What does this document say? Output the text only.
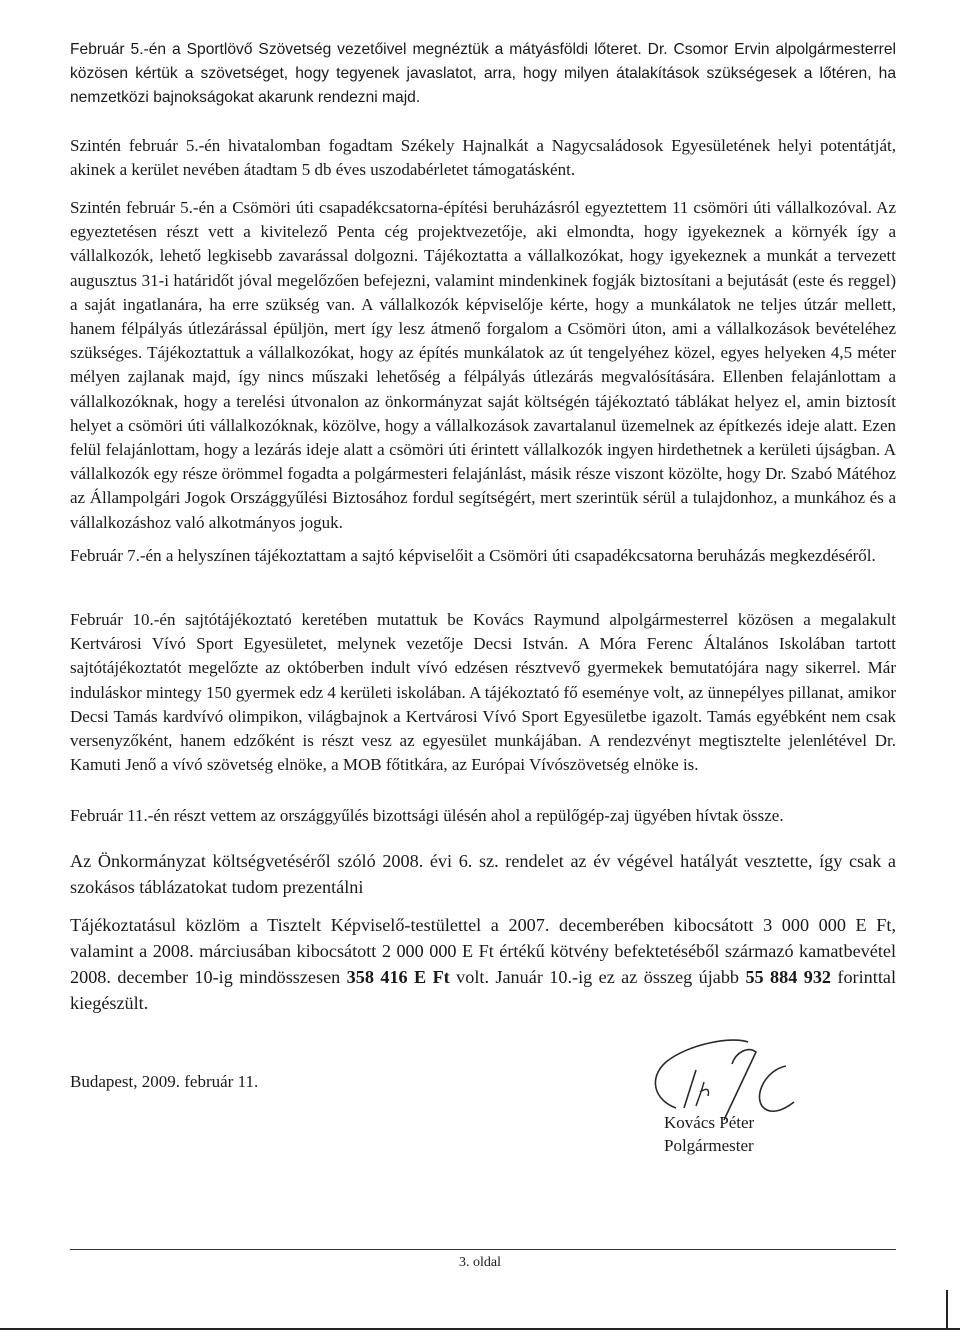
Február 5.-én a Sportlövő Szövetség vezetőivel megnéztük a mátyásföldi lőteret. Dr. Csomor Ervin alpolgármesterrel közösen kértük a szövetséget, hogy tegyenek javaslatot, arra, hogy milyen átalakítások szükségesek a lőtéren, ha nemzetközi bajnokságokat akarunk rendezni majd.

Szintén február 5.-én hivatalomban fogadtam Székely Hajnalkát a Nagycsaládosok Egyesületének helyi potentátját, akinek a kerület nevében átadtam 5 db éves uszodabérletet támogatásként.

Szintén február 5.-én a Csömöri úti csapadékcsatorna-építési beruházásról egyeztettem 11 csömöri úti vállalkozóval. Az egyeztetésen részt vett a kivitelező Penta cég projektvezetője, aki elmondta, hogy igyekeznek a környék így a vállalkozók, lehető legkisebb zavarással dolgozni. Tájékoztatta a vállalkozókat, hogy igyekeznek a munkát a tervezett augusztus 31-i határidőt jóval megelőzően befejezni, valamint mindenkinek fogják biztosítani a bejutását (este és reggel) a saját ingatlanára, ha erre szükség van. A vállalkozók képviselője kérte, hogy a munkálatok ne teljes útzár mellett, hanem félpályás útlezárással épüljön, mert így lesz átmenő forgalom a Csömöri úton, ami a vállalkozások bevételéhez szükséges. Tájékoztattuk a vállalkozókat, hogy az építés munkálatok az út tengelyéhez közel, egyes helyeken 4,5 méter mélyen zajlanak majd, így nincs műszaki lehetőség a félpályás útlezárás megvalósítására. Ellenben felajánlottam a vállalkozóknak, hogy a terelési útvonalon az önkormányzat saját költségén tájékoztató táblákat helyez el, amin biztosít helyet a csömöri úti vállalkozóknak, közölve, hogy a vállalkozások zavartalanul üzemelnek az építkezés ideje alatt. Ezen felül felajánlottam, hogy a lezárás ideje alatt a csömöri úti érintett vállalkozók ingyen hirdethetnek a kerületi újságban. A vállalkozók egy része örömmel fogadta a polgármesteri felajánlást, másik része viszont közölte, hogy Dr. Szabó Mátéhoz az Állampolgári Jogok Országgyűlési Biztosához fordul segítségért, mert szerintük sérül a tulajdonhoz, a munkához és a vállalkozáshoz való alkotmányos joguk.

Február 7.-én a helyszínen tájékoztattam a sajtó képviselőit a Csömöri úti csapadékcsatorna beruházás megkezdéséről.

Február 10.-én sajtótájékoztató keretében mutattuk be Kovács Raymund alpolgármesterrel közösen a megalakult Kertvárosi Vívó Sport Egyesületet, melynek vezetője Decsi István. A Móra Ferenc Általános Iskolában tartott sajtótájékoztatót megelőzte az októberben indult vívó edzésen résztvevő gyermekek bemutatójára nagy sikerrel. Már induláskor mintegy 150 gyermek edz 4 kerületi iskolában. A tájékoztató fő eseménye volt, az ünnepélyes pillanat, amikor Decsi Tamás kardvívó olimpikon, világbajnok a Kertvárosi Vívó Sport Egyesületbe igazolt. Tamás egyébként nem csak versenyzőként, hanem edzőként is részt vesz az egyesület munkájában. A rendezvényt megtisztelte jelenlétével Dr. Kamuti Jenő a vívó szövetség elnöke, a MOB főtitkára, az Európai Vívószövetség elnöke is.

Február 11.-én részt vettem az országgyűlés bizottsági ülésén ahol a repülőgép-zaj ügyében hívtak össze.

Az Önkormányzat költségvetéséről szóló 2008. évi 6. sz. rendelet az év végével hatályát vesztette, így csak a szokásos táblázatokat tudom prezentálni

Tájékoztatásul közlöm a Tisztelt Képviselő-testülettel a 2007. decemberében kibocsátott 3 000 000 E Ft, valamint a 2008. márciusában kibocsátott 2 000 000 E Ft értékű kötvény befektetéséből származó kamatbevétel 2008. december 10-ig mindösszesen 358 416 E Ft volt. Január 10.-ig ez az összeg újabb 55 884 932 forinttal kiegészült.

Budapest, 2009. február 11.
Kovács Péter
Polgármester
3. oldal
